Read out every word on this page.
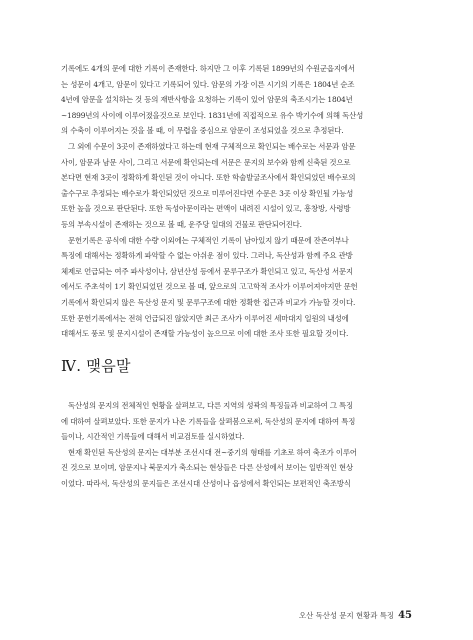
기록에도 4개의 문에 대한 기록이 존재한다. 하지만 그 이후 기록된 1899년의 수원군읍지에서
는 성문이 4개고, 암문이 있다고 기록되어 있다. 암문의 가장 이른 시기의 기록은 1804년 순조
4년에 암문을 설치하는 것 등의 재반사항을 요청하는 기록이 있어 암문의 축조시기는 1804년
~1899년의 사이에 이루어졌을것으로 보인다. 1831년에 직접적으로 유수 박기수에 의해 독산성
의 수축이 이루어지는 것을 볼 때, 이 무렵을 중심으로 암문이 조성되었을 것으로 추정된다.
그 외에 수문이 3곳이 존재하였다고 하는데 현재 구체적으로 확인되는 배수로는 서문과 암문
사이, 암문과 남문 사이, 그리고 서문에 확인되는데 서문은 문지의 보수와 함께 신축된 것으로
본다면 현재 3곳이 정확하게 확인된 것이 아니다. 또한 학술발굴조사에서 확인되었던 배수로의
출수구로 추정되는 배수로가 확인되었던 것으로 미루어진다면 수문은 3곳 이상 확인될 가능성
또한 높을 것으로 판단된다. 또한 독성아문이라는 편액이 내려진 시설이 있고, 흥창방, 사령방
등의 부속시설이 존재하는 것으로 볼 때, 운주당 일대의 건물로 판단되어진다.
문헌기록은 공식에 대한 수량 이외에는 구체적인 기록이 남아있지 않기 때문에 잔존여부나
특징에 대해서는 정확하게 파악할 수 없는 아쉬운 점이 있다. 그러나, 독산성과 함께 주요 관방
체제로 언급되는 여주 파사성이나, 삼년산성 등에서 문루구조가 확인되고 있고, 독산성 서문지
에서도 주초석이 1기 확인되었던 것으로 볼 때, 앞으로의 고고학적 조사가 이루어져야지만 문헌
기록에서 확인되지 않은 독산성 문지 및 문루구조에 대한 정확한 접근과 비교가 가능할 것이다.
또한 문헌기록에서는 전혀 언급되진 않았지만 최근 조사가 이루어진 세마대지 일원의 내성에
대해서도 풍로 및 문지시설이 존재할 가능성이 높으므로 이에 대한 조사 또한 필요할 것이다.
Ⅳ. 맺음말
독산성의 문지의 전체적인 현황을 살펴보고, 다른 지역의 성곽의 특징들과 비교하여 그 특징
에 대하여 살펴보았다. 또한 문지가 나온 기록들을 살펴봄으로써, 독산성의 문지에 대하여 특징
들이나, 시간적인 기록들에 대해서 비교검토를 실시하였다.
현재 확인된 독산성의 문지는 대부분 조선시대 전~중기의 형태를 기초로 하여 축조가 이루어
진 것으로 보이며, 암문지나 북문지가 축소되는 현상들은 다른 산성에서 보이는 일반적인 현상
이었다. 따라서, 독산성의 문지들은 조선시대 산성이나 읍성에서 확인되는 보편적인 축조방식
오산 독산성 문지 현황과 특징 45
